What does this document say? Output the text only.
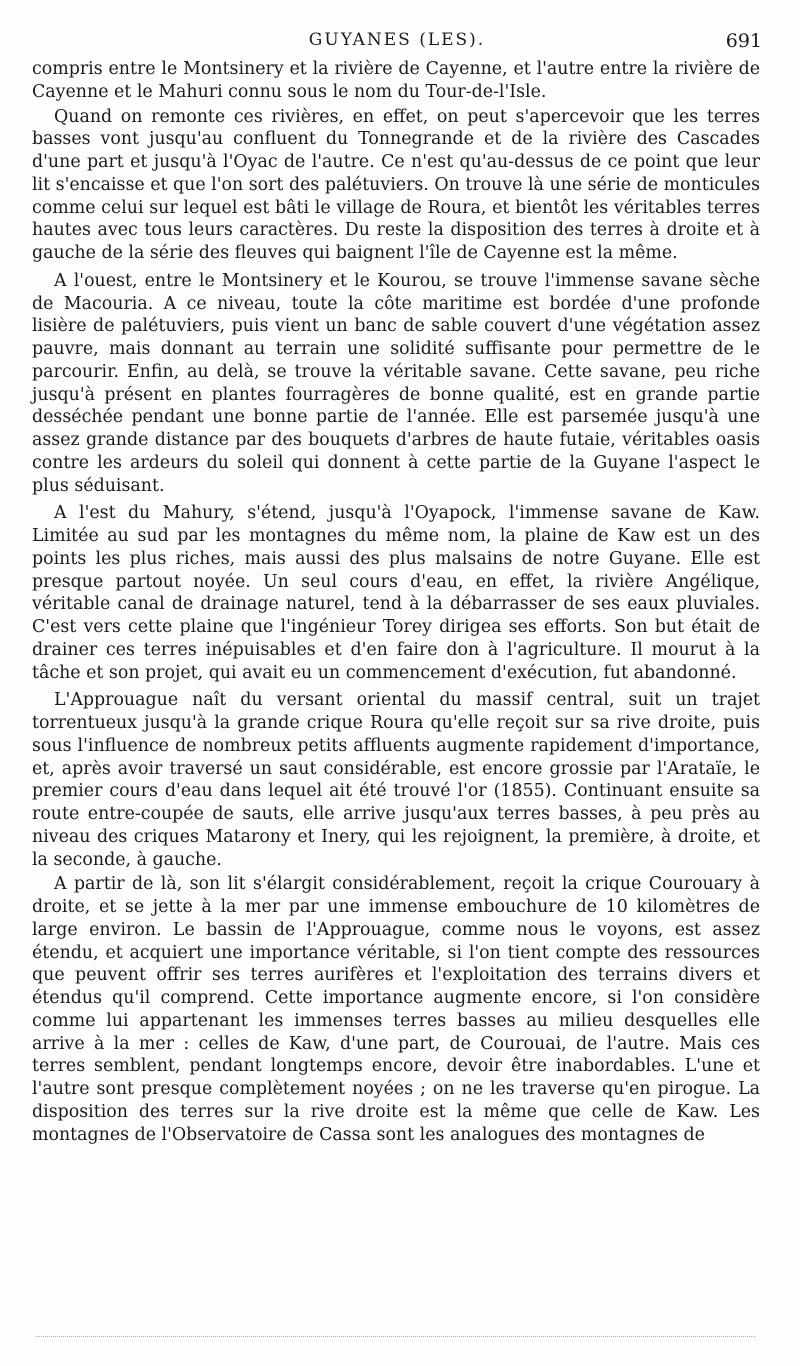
GUYANES (LES).	691

compris entre le Montsinery et la rivière de Cayenne, et l'autre entre la rivière de Cayenne et le Mahuri connu sous le nom du Tour-de-l'Isle.

Quand on remonte ces rivières, en effet, on peut s'apercevoir que les terres basses vont jusqu'au confluent du Tonnegrande et de la rivière des Cascades d'une part et jusqu'à l'Oyac de l'autre. Ce n'est qu'au-dessus de ce point que leur lit s'encaisse et que l'on sort des palétuviers. On trouve là une série de monticules comme celui sur lequel est bâti le village de Roura, et bientôt les véritables terres hautes avec tous leurs caractères. Du reste la disposition des terres à droite et à gauche de la série des fleuves qui baignent l'île de Cayenne est la même.

A l'ouest, entre le Montsinery et le Kourou, se trouve l'immense savane sèche de Macouria. A ce niveau, toute la côte maritime est bordée d'une profonde lisière de palétuviers, puis vient un banc de sable couvert d'une végétation assez pauvre, mais donnant au terrain une solidité suffisante pour permettre de le parcourir. Enfin, au delà, se trouve la véritable savane. Cette savane, peu riche jusqu'à présent en plantes fourragères de bonne qualité, est en grande partie desséchée pendant une bonne partie de l'année. Elle est parsemée jusqu'à une assez grande distance par des bouquets d'arbres de haute futaie, véritables oasis contre les ardeurs du soleil qui donnent à cette partie de la Guyane l'aspect le plus séduisant.

A l'est du Mahury, s'étend, jusqu'à l'Oyapock, l'immense savane de Kaw. Limitée au sud par les montagnes du même nom, la plaine de Kaw est un des points les plus riches, mais aussi des plus malsains de notre Guyane. Elle est presque partout noyée. Un seul cours d'eau, en effet, la rivière Angélique, véritable canal de drainage naturel, tend à la débarrasser de ses eaux pluviales. C'est vers cette plaine que l'ingénieur Torey dirigea ses efforts. Son but était de drainer ces terres inépuisables et d'en faire don à l'agriculture. Il mourut à la tâche et son projet, qui avait eu un commencement d'exécution, fut abandonné.

L'Approuague naît du versant oriental du massif central, suit un trajet torrentueux jusqu'à la grande crique Roura qu'elle reçoit sur sa rive droite, puis sous l'influence de nombreux petits affluents augmente rapidement d'importance, et, après avoir traversé un saut considérable, est encore grossie par l'Arataïe, le premier cours d'eau dans lequel ait été trouvé l'or (1855). Continuant ensuite sa route entre-coupée de sauts, elle arrive jusqu'aux terres basses, à peu près au niveau des criques Matarony et Inery, qui les rejoignent, la première, à droite, et la seconde, à gauche.

A partir de là, son lit s'élargit considérablement, reçoit la crique Courouary à droite, et se jette à la mer par une immense embouchure de 10 kilomètres de large environ. Le bassin de l'Approuague, comme nous le voyons, est assez étendu, et acquiert une importance véritable, si l'on tient compte des ressources que peuvent offrir ses terres aurifères et l'exploitation des terrains divers et étendus qu'il comprend. Cette importance augmente encore, si l'on considère comme lui appartenant les immenses terres basses au milieu desquelles elle arrive à la mer : celles de Kaw, d'une part, de Courouai, de l'autre. Mais ces terres semblent, pendant longtemps encore, devoir être inabordables. L'une et l'autre sont presque complètement noyées ; on ne les traverse qu'en pirogue. La disposition des terres sur la rive droite est la même que celle de Kaw. Les montagnes de l'Observatoire de Cassa sont les analogues des montagnes de
